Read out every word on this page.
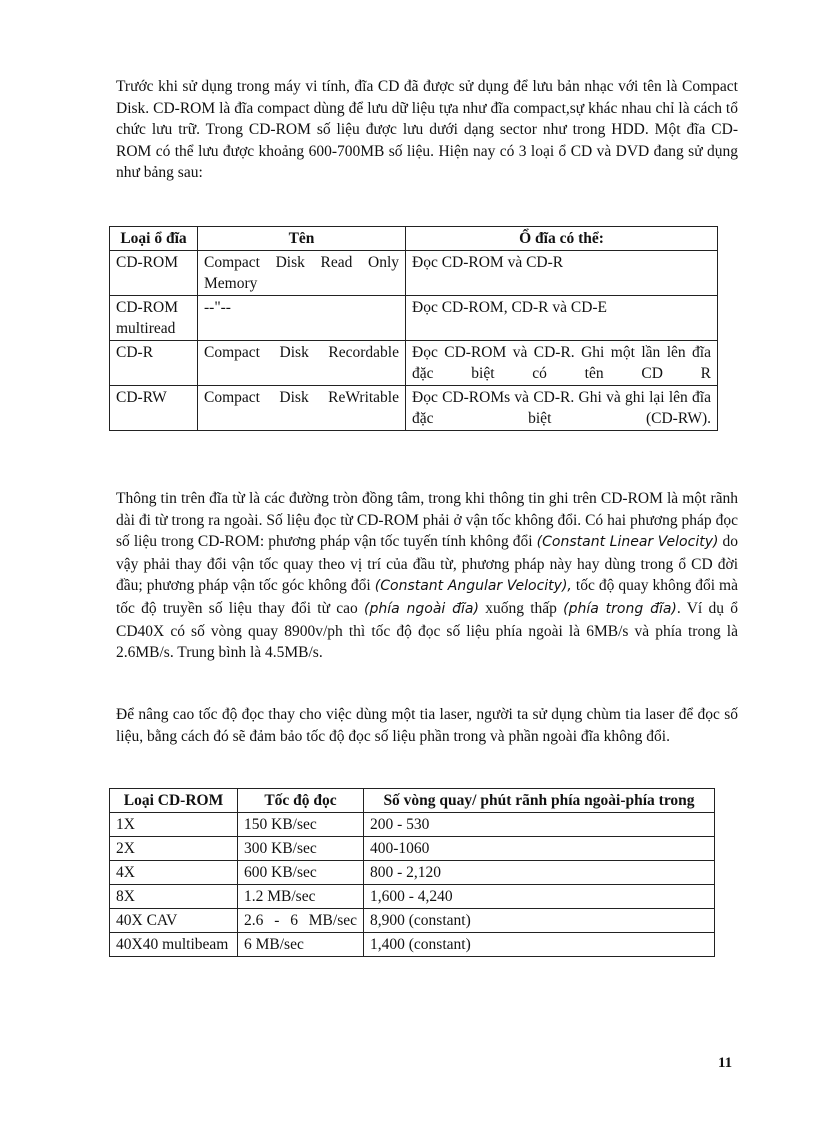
Trước khi sử dụng trong máy vi tính, đĩa CD đã được sử dụng để lưu bản nhạc với tên là Compact Disk. CD-ROM là đĩa compact dùng để lưu dữ liệu tựa như đĩa compact,sự khác nhau chỉ là cách tổ chức lưu trữ. Trong CD-ROM số liệu được lưu dưới dạng sector như trong HDD. Một đĩa CD-ROM có thể lưu được khoảng 600-700MB số liệu. Hiện nay có 3 loại ổ CD và DVD đang sử dụng như bảng sau:

Loại ổ đĩa	Tên	Ổ đĩa có thể:
CD-ROM	Compact Disk Read Only Memory	Đọc CD-ROM và CD-R
CD-ROM multiread	--"--	Đọc CD-ROM, CD-R và CD-E
CD-R	Compact Disk Recordable	Đọc CD-ROM và CD-R. Ghi một lần lên đĩa đặc biệt có tên CD R
CD-RW	Compact Disk ReWritable	Đọc CD-ROMs và CD-R. Ghi và ghi lại lên đĩa đặc biệt (CD-RW).

Thông tin trên đĩa từ là các đường tròn đồng tâm, trong khi thông tin ghi trên CD-ROM là một rãnh dài đi từ trong ra ngoài. Số liệu đọc từ CD-ROM phải ở vận tốc không đổi. Có hai phương pháp đọc số liệu trong CD-ROM: phương pháp vận tốc tuyến tính không đổi (Constant Linear Velocity) do vậy phải thay đổi vận tốc quay theo vị trí của đầu từ, phương pháp này hay dùng trong ổ CD đời đầu; phương pháp vận tốc góc không đổi (Constant Angular Velocity), tốc độ quay không đổi mà tốc độ truyền số liệu thay đổi từ cao (phía ngoài đĩa) xuống thấp (phía trong đĩa). Ví dụ ổ CD40X có số vòng quay 8900v/ph thì tốc độ đọc số liệu phía ngoài là 6MB/s và phía trong là 2.6MB/s. Trung bình là 4.5MB/s.

Để nâng cao tốc độ đọc thay cho việc dùng một tia laser, người ta sử dụng chùm tia laser để đọc số liệu, bằng cách đó sẽ đảm bảo tốc độ đọc số liệu phần trong và phần ngoài đĩa không đổi.

Loại CD-ROM	Tốc độ đọc	Số vòng quay/ phút rãnh phía ngoài-phía trong
1X	150 KB/sec	200 - 530
2X	300 KB/sec	400-1060
4X	600 KB/sec	800 - 2,120
8X	1.2 MB/sec	1,600 - 4,240
40X CAV	2.6 - 6 MB/sec	8,900 (constant)
40X40 multibeam	6 MB/sec	1,400 (constant)
11
